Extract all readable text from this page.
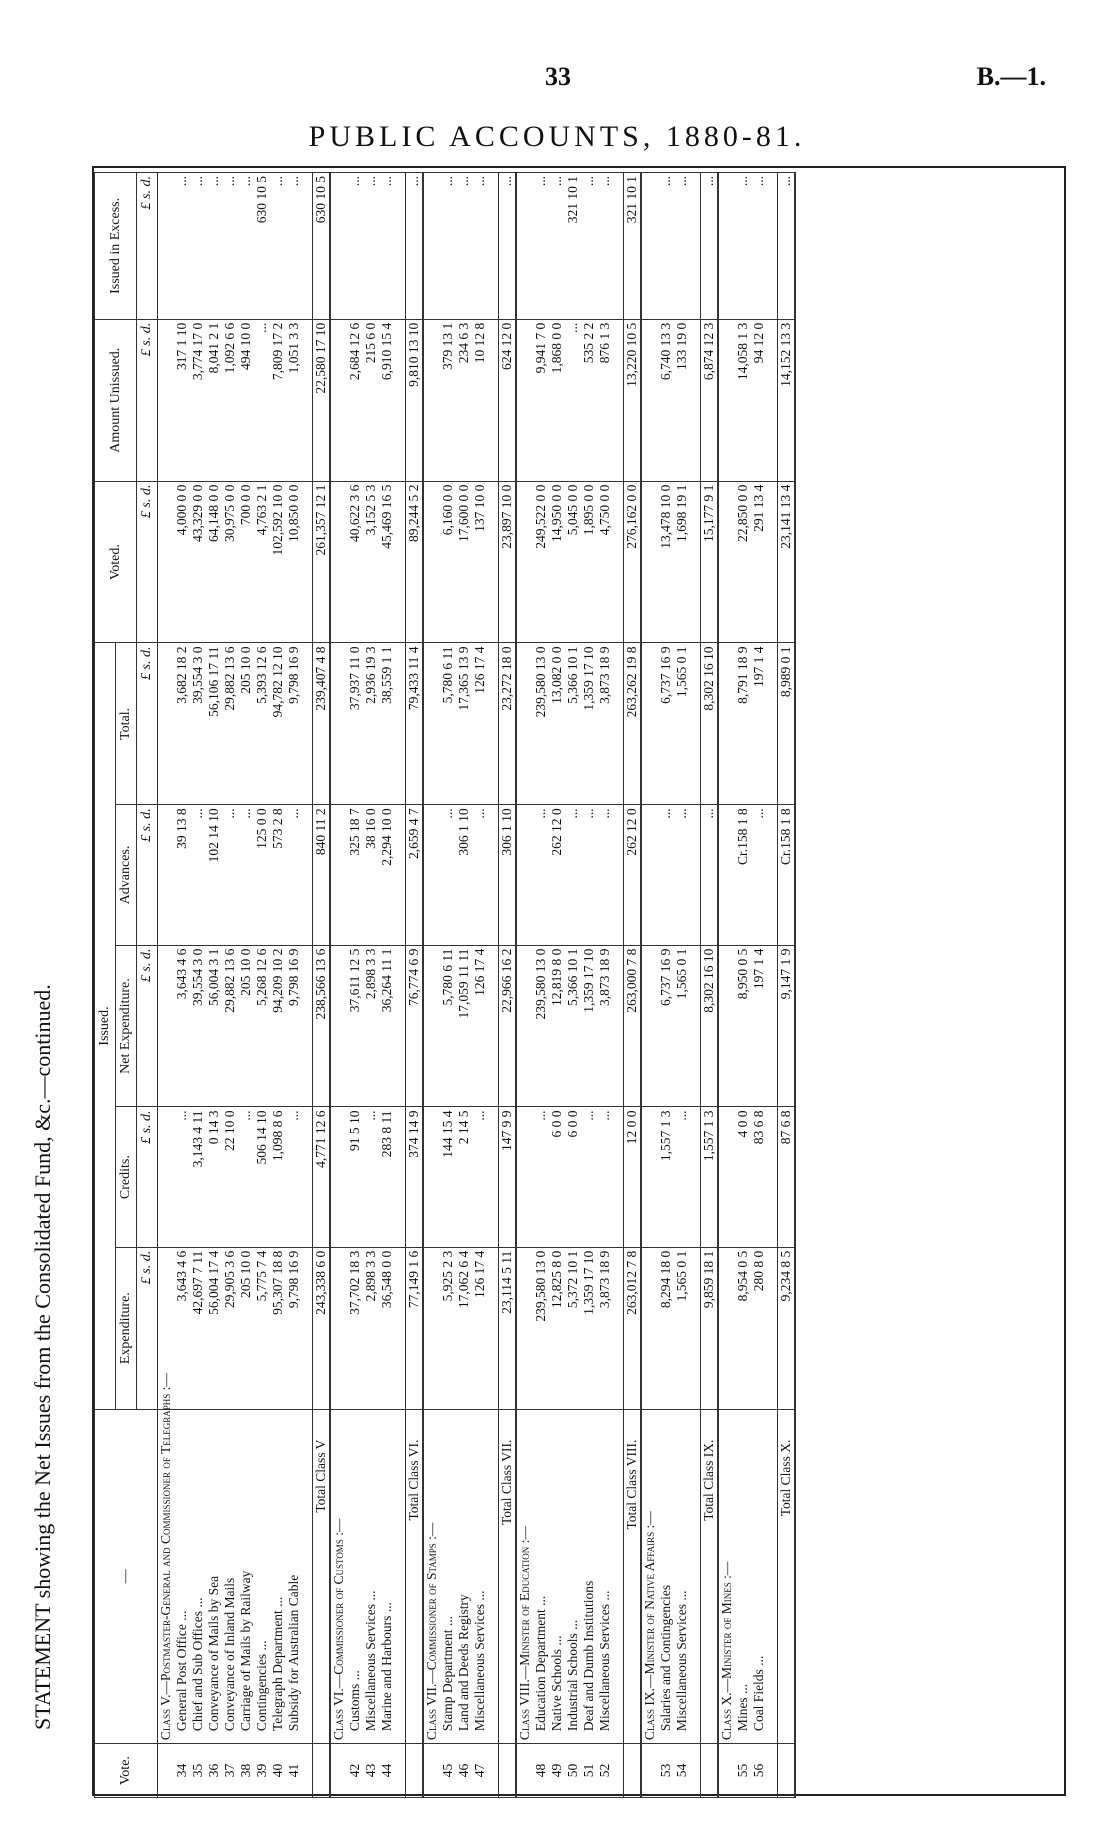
33	B.—1.
PUBLIC ACCOUNTS, 1880-81.
STATEMENT showing the Net Issues from the Consolidated Fund, &c.—continued.
Vote.	—	Issued.					Voted.	Amount Unissued.	Issued in Excess.
		Expenditure.	Credits.	Net Expenditure.	Advances.	Total.			
		£ s. d.	£ s. d.	£ s. d.	£ s. d.	£ s. d.	£ s. d.	£ s. d.	£ s. d.
	Class V.—Postmaster-General and Commissioner of Telegraphs :—								
34	General Post Office ...	3,643 4 6	...	3,643 4 6	39 13 8	3,682 18 2	4,000 0 0	317 1 10	...
35	Chief and Sub Offices ...	42,697 7 11	3,143 4 11	39,554 3 0	...	39,554 3 0	43,329 0 0	3,774 17 0	...
36	Conveyance of Mails by Sea	56,004 17 4	0 14 3	56,004 3 1	102 14 10	56,106 17 11	64,148 0 0	8,041 2 1	...
37	Conveyance of Inland Mails	29,905 3 6	22 10 0	29,882 13 6	...	29,882 13 6	30,975 0 0	1,092 6 6	...
38	Carriage of Mails by Railway	205 10 0	...	205 10 0	...	205 10 0	700 0 0	494 10 0	...
39	Contingencies ...	5,775 7 4	506 14 10	5,268 12 6	125 0 0	5,393 12 6	4,763 2 1	...	630 10 5
40	Telegraph Department ...	95,307 18 8	1,098 8 6	94,209 10 2	573 2 8	94,782 12 10	102,592 10 0	7,809 17 2	...
41	Subsidy for Australian Cable	9,798 16 9	...	9,798 16 9	...	9,798 16 9	10,850 0 0	1,051 3 3	...

	Total Class V	243,338 6 0	4,771 12 6	238,566 13 6	840 11 2	239,407 4 8	261,357 12 1	22,580 17 10	630 10 5
	Class VI.—Commissioner of Customs :—								
42	Customs ...	37,702 18 3	91 5 10	37,611 12 5	325 18 7	37,937 11 0	40,622 3 6	2,684 12 6	...
43	Miscellaneous Services ...	2,898 3 3	...	2,898 3 3	38 16 0	2,936 19 3	3,152 5 3	215 6 0	...
44	Marine and Harbours ...	36,548 0 0	283 8 11	36,264 11 1	2,294 10 0	38,559 1 1	45,469 16 5	6,910 15 4	...

	Total Class VI.	77,149 1 6	374 14 9	76,774 6 9	2,659 4 7	79,433 11 4	89,244 5 2	9,810 13 10	...
	Class VII.—Commissioner of Stamps :—								
45	Stamp Department ...	5,925 2 3	144 15 4	5,780 6 11	...	5,780 6 11	6,160 0 0	379 13 1	...
46	Land and Deeds Registry	17,062 6 4	2 14 5	17,059 11 11	306 1 10	17,365 13 9	17,600 0 0	234 6 3	...
47	Miscellaneous Services ...	126 17 4	...	126 17 4	...	126 17 4	137 10 0	10 12 8	...

	Total Class VII.	23,114 5 11	147 9 9	22,966 16 2	306 1 10	23,272 18 0	23,897 10 0	624 12 0	...
	Class VIII.—Minister of Education :—								
48	Education Department ...	239,580 13 0	...	239,580 13 0	...	239,580 13 0	249,522 0 0	9,941 7 0	...
49	Native Schools ...	12,825 8 0	6 0 0	12,819 8 0	262 12 0	13,082 0 0	14,950 0 0	1,868 0 0	...
50	Industrial Schools ...	5,372 10 1	6 0 0	5,366 10 1	...	5,366 10 1	5,045 0 0	...	321 10 1
51	Deaf and Dumb Institutions	1,359 17 10	...	1,359 17 10	...	1,359 17 10	1,895 0 0	535 2 2	...
52	Miscellaneous Services ...	3,873 18 9	...	3,873 18 9	...	3,873 18 9	4,750 0 0	876 1 3	...

	Total Class VIII.	263,012 7 8	12 0 0	263,000 7 8	262 12 0	263,262 19 8	276,162 0 0	13,220 10 5	321 10 1
	Class IX.—Minister of Native Affairs :—								
53	Salaries and Contingencies	8,294 18 0	1,557 1 3	6,737 16 9	...	6,737 16 9	13,478 10 0	6,740 13 3	...
54	Miscellaneous Services ...	1,565 0 1	...	1,565 0 1	...	1,565 0 1	1,698 19 1	133 19 0	...

	Total Class IX.	9,859 18 1	1,557 1 3	8,302 16 10	...	8,302 16 10	15,177 9 1	6,874 12 3	...
	Class X.—Minister of Mines :—								
55	Mines ...	8,954 0 5	4 0 0	8,950 0 5	Cr.158 1 8	8,791 18 9	22,850 0 0	14,058 1 3	...
56	Coal Fields ...	280 8 0	83 6 8	197 1 4	...	197 1 4	291 13 4	94 12 0	...

	Total Class X.	9,234 8 5	87 6 8	9,147 1 9	Cr.158 1 8	8,989 0 1	23,141 13 4	14,152 13 3	...
